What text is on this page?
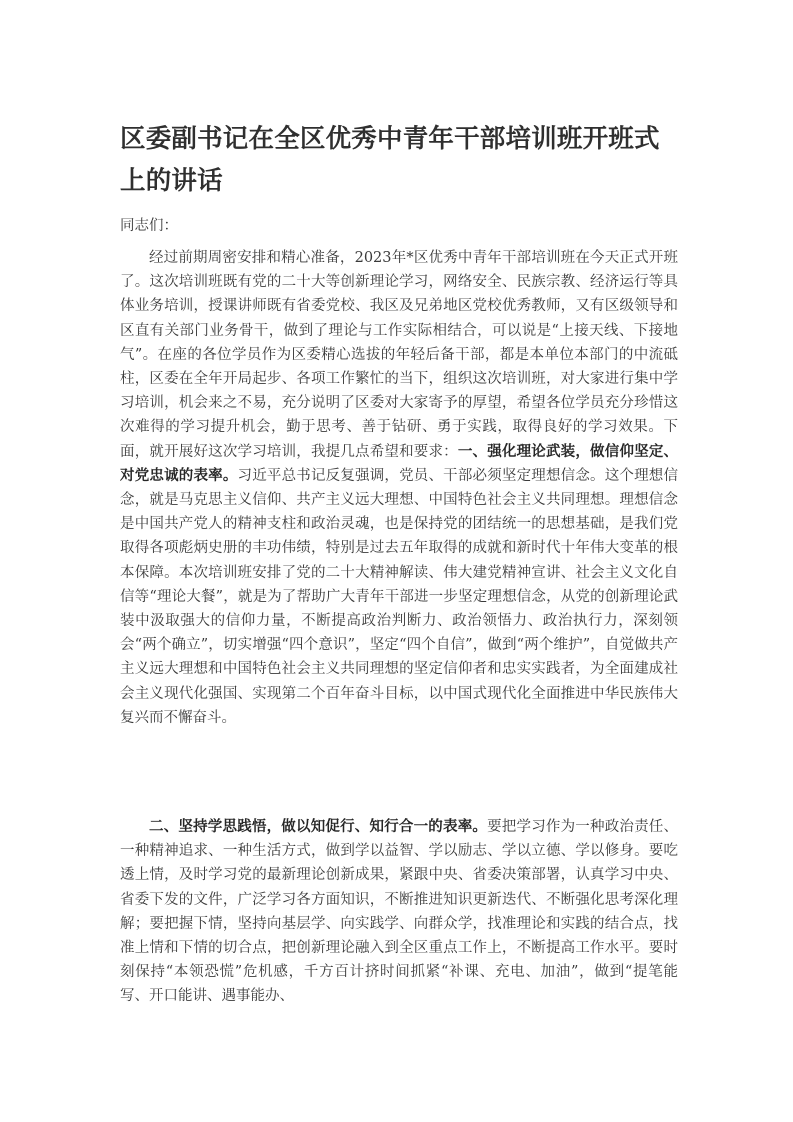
区委副书记在全区优秀中青年干部培训班开班式上的讲话

同志们：

经过前期周密安排和精心准备，2023年*区优秀中青年干部培训班在今天正式开班了。这次培训班既有党的二十大等创新理论学习，网络安全、民族宗教、经济运行等具体业务培训，授课讲师既有省委党校、我区及兄弟地区党校优秀教师，又有区级领导和区直有关部门业务骨干，做到了理论与工作实际相结合，可以说是“上接天线、下接地气”。在座的各位学员作为区委精心选拔的年轻后备干部，都是本单位本部门的中流砥柱，区委在全年开局起步、各项工作繁忙的当下，组织这次培训班，对大家进行集中学习培训，机会来之不易，充分说明了区委对大家寄予的厚望，希望各位学员充分珍惜这次难得的学习提升机会，勤于思考、善于钻研、勇于实践，取得良好的学习效果。下面，就开展好这次学习培训，我提几点希望和要求：一、强化理论武装，做信仰坚定、对党忠诚的表率。习近平总书记反复强调，党员、干部必须坚定理想信念。这个理想信念，就是马克思主义信仰、共产主义远大理想、中国特色社会主义共同理想。理想信念是中国共产党人的精神支柱和政治灵魂，也是保持党的团结统一的思想基础，是我们党取得各项彪炳史册的丰功伟绩，特别是过去五年取得的成就和新时代十年伟大变革的根本保障。本次培训班安排了党的二十大精神解读、伟大建党精神宣讲、社会主义文化自信等“理论大餐”，就是为了帮助广大青年干部进一步坚定理想信念，从党的创新理论武装中汲取强大的信仰力量，不断提高政治判断力、政治领悟力、政治执行力，深刻领会“两个确立”，切实增强“四个意识”，坚定“四个自信”，做到“两个维护”，自觉做共产主义远大理想和中国特色社会主义共同理想的坚定信仰者和忠实实践者，为全面建成社会主义现代化强国、实现第二个百年奋斗目标，以中国式现代化全面推进中华民族伟大复兴而不懈奋斗。

二、坚持学思践悟，做以知促行、知行合一的表率。要把学习作为一种政治责任、一种精神追求、一种生活方式，做到学以益智、学以励志、学以立德、学以修身。要吃透上情，及时学习党的最新理论创新成果，紧跟中央、省委决策部署，认真学习中央、省委下发的文件，广泛学习各方面知识，不断推进知识更新迭代、不断强化思考深化理解；要把握下情，坚持向基层学、向实践学、向群众学，找准理论和实践的结合点，找准上情和下情的切合点，把创新理论融入到全区重点工作上，不断提高工作水平。要时刻保持“本领恐慌”危机感，千方百计挤时间抓紧“补课、充电、加油”，做到“提笔能写、开口能讲、遇事能办、
